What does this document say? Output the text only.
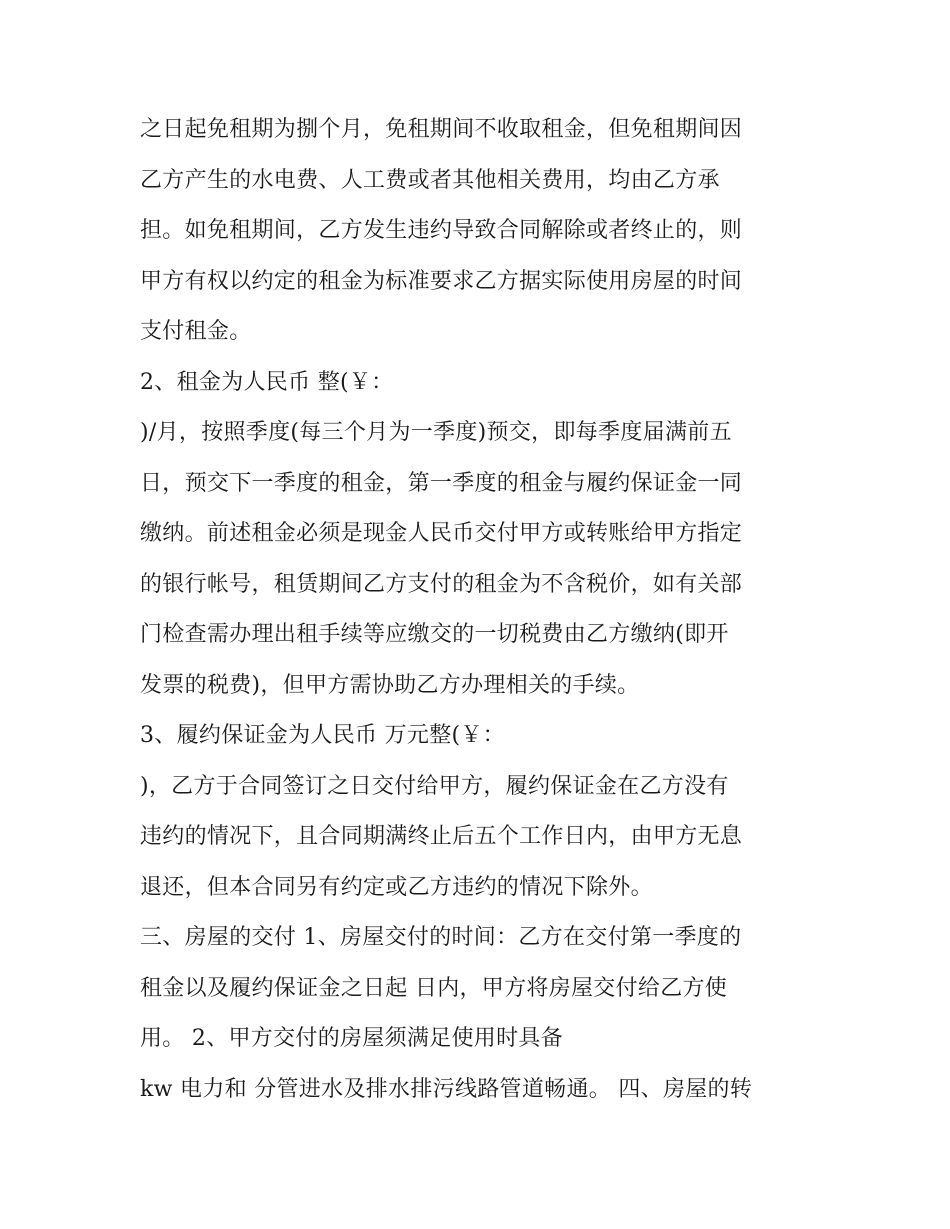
之日起免租期为捌个月，免租期间不收取租金，但免租期间因
乙方产生的水电费、人工费或者其他相关费用，均由乙方承
担。如免租期间，乙方发生违约导致合同解除或者终止的，则
甲方有权以约定的租金为标准要求乙方据实际使用房屋的时间
支付租金。
2、租金为人民币 整(￥：
)/月，按照季度(每三个月为一季度)预交，即每季度届满前五
日，预交下一季度的租金，第一季度的租金与履约保证金一同
缴纳。前述租金必须是现金人民币交付甲方或转账给甲方指定
的银行帐号，租赁期间乙方支付的租金为不含税价，如有关部
门检查需办理出租手续等应缴交的一切税费由乙方缴纳(即开
发票的税费)，但甲方需协助乙方办理相关的手续。
3、履约保证金为人民币 万元整(￥：
)，乙方于合同签订之日交付给甲方，履约保证金在乙方没有
违约的情况下，且合同期满终止后五个工作日内，由甲方无息
退还，但本合同另有约定或乙方违约的情况下除外。
三、房屋的交付 1、房屋交付的时间：乙方在交付第一季度的
租金以及履约保证金之日起 日内，甲方将房屋交付给乙方使
用。 2、甲方交付的房屋须满足使用时具备
kw 电力和 分管进水及排水排污线路管道畅通。 四、房屋的转
